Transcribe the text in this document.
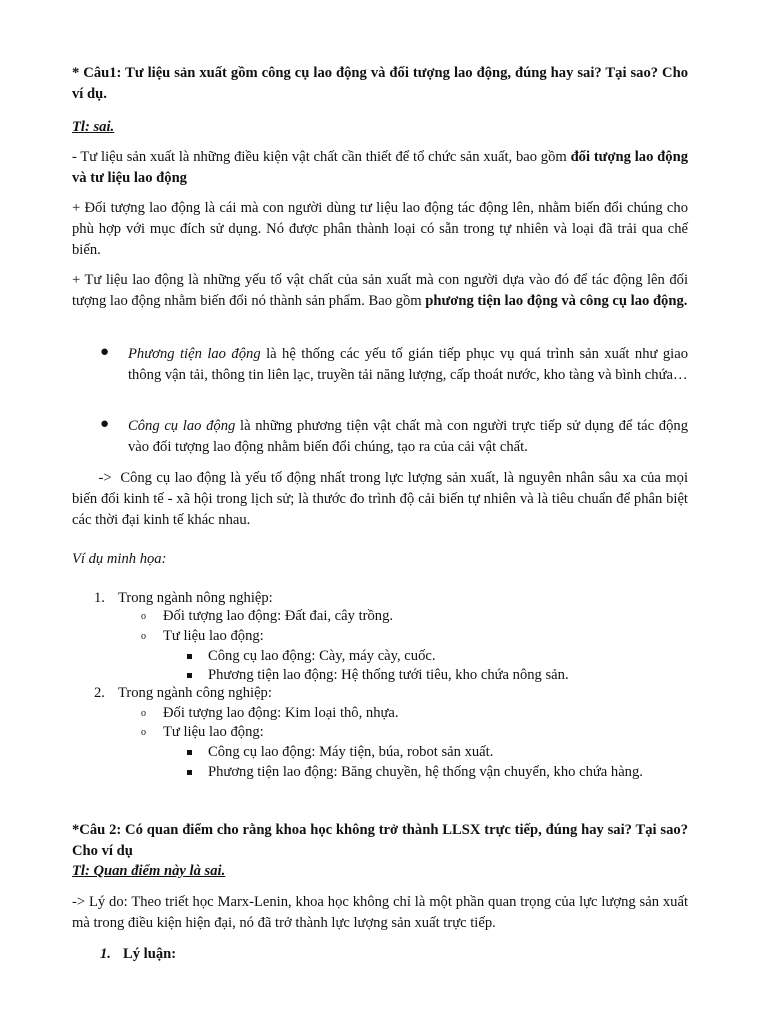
* Câu1: Tư liệu sản xuất gồm công cụ lao động và đối tượng lao động, đúng hay sai? Tại sao? Cho ví dụ.

Tl: sai.

- Tư liệu sản xuất là những điều kiện vật chất cần thiết để tổ chức sản xuất, bao gồm đối tượng lao động và tư liệu lao động

+ Đối tượng lao động là cái mà con người dùng tư liệu lao động tác động lên, nhằm biến đổi chúng cho phù hợp với mục đích sử dụng. Nó được phân thành loại có sẵn trong tự nhiên và loại đã trải qua chế biến.

+ Tư liệu lao động là những yếu tố vật chất của sản xuất mà con người dựa vào đó để tác động lên đối tượng lao động nhằm biến đổi nó thành sản phẩm. Bao gồm phương tiện lao động và công cụ lao động.

● Phương tiện lao động là hệ thống các yếu tố gián tiếp phục vụ quá trình sản xuất như giao thông vận tải, thông tin liên lạc, truyền tải năng lượng, cấp thoát nước, kho tàng và bình chứa…

● Công cụ lao động là những phương tiện vật chất mà con người trực tiếp sử dụng để tác động vào đối tượng lao động nhằm biến đổi chúng, tạo ra của cải vật chất.

->  Công cụ lao động là yếu tố động nhất trong lực lượng sản xuất, là nguyên nhân sâu xa của mọi biến đổi kinh tế - xã hội trong lịch sử; là thước đo trình độ cải biến tự nhiên và là tiêu chuẩn để phân biệt các thời đại kinh tế khác nhau.

Ví dụ minh họa:

1. Trong ngành nông nghiệp:
o Đối tượng lao động: Đất đai, cây trồng.
o Tư liệu lao động:
Công cụ lao động: Cày, máy cày, cuốc.
Phương tiện lao động: Hệ thống tưới tiêu, kho chứa nông sản.
2. Trong ngành công nghiệp:
o Đối tượng lao động: Kim loại thô, nhựa.
o Tư liệu lao động:
Công cụ lao động: Máy tiện, búa, robot sản xuất.

Phương tiện lao động: Băng chuyền, hệ thống vận chuyển, kho chứa hàng.

*Câu 2: Có quan điểm cho rằng khoa học không trở thành LLSX trực tiếp, đúng hay sai? Tại sao? Cho ví dụ

Tl: Quan điểm này là sai.

-> Lý do: Theo triết học Marx-Lenin, khoa học không chỉ là một phần quan trọng của lực lượng sản xuất mà trong điều kiện hiện đại, nó đã trở thành lực lượng sản xuất trực tiếp.

1. Lý luận:
